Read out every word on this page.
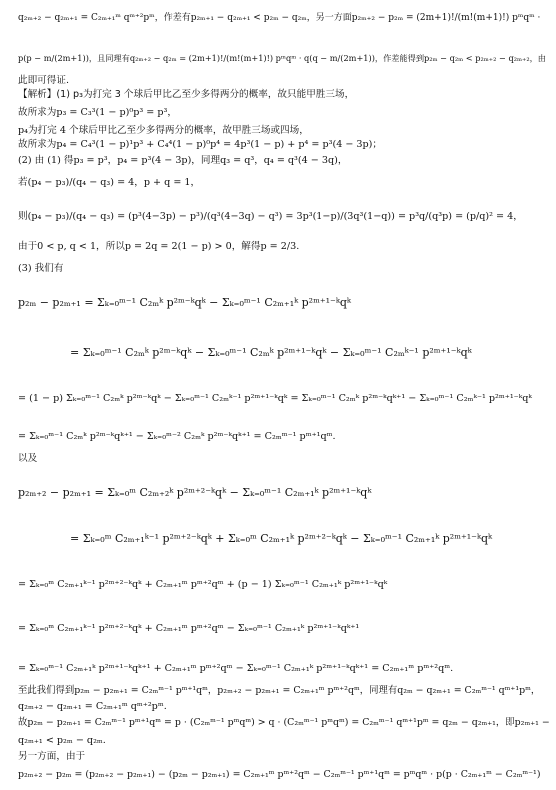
q₂ₘ₊₂ − q₂ₘ₊₁ = C₂ₘ₊₁ᵐ qᵐ⁺²pᵐ，作差有p₂ₘ₊₁ − q₂ₘ₊₁ < p₂ₘ − q₂ₘ，另一方面p₂ₘ₊₂ − p₂ₘ = (2m+1)!/(m!(m+1)!) pᵐqᵐ ·
p(p − m/(2m+1))，且同理有q₂ₘ₊₂ − q₂ₘ = (2m+1)!/(m!(m+1)!) pᵐqᵐ · q(q − m/(2m+1))，作差能得到p₂ₘ − q₂ₘ < p₂ₘ₊₂ − q₂ₘ₊₂，由
此即可得证.
【解析】(1) p₃为打完 3 个球后甲比乙至少多得两分的概率，故只能甲胜三场，
故所求为p₃ = C₃³(1 − p)⁰p³ = p³，
p₄为打完 4 个球后甲比乙至少多得两分的概率，故甲胜三场或四场，
故所求为p₄ = C₄³(1 − p)¹p³ + C₄⁴(1 − p)⁰p⁴ = 4p³(1 − p) + p⁴ = p³(4 − 3p)；
(2) 由 (1) 得p₃ = p³，p₄ = p³(4 − 3p)，同理q₃ = q³，q₄ = q³(4 − 3q)，
若(p₄ − p₃)/(q₄ − q₃) = 4，p + q = 1，
则(p₄ − p₃)/(q₄ − q₃) = (p³(4−3p) − p³)/(q³(4−3q) − q³) = 3p³(1−p)/(3q³(1−q)) = p³q/(q³p) = (p/q)² = 4，
由于0 < p, q < 1，所以p = 2q = 2(1 − p) > 0，解得p = 2/3.
(3) 我们有
p₂ₘ − p₂ₘ₊₁ = Σₖ₌₀ᵐ⁻¹ C₂ₘᵏ p²ᵐ⁻ᵏqᵏ − Σₖ₌₀ᵐ⁻¹ C₂ₘ₊₁ᵏ p²ᵐ⁺¹⁻ᵏqᵏ
= Σₖ₌₀ᵐ⁻¹ C₂ₘᵏ p²ᵐ⁻ᵏqᵏ − Σₖ₌₀ᵐ⁻¹ C₂ₘᵏ p²ᵐ⁺¹⁻ᵏqᵏ − Σₖ₌₀ᵐ⁻¹ C₂ₘᵏ⁻¹ p²ᵐ⁺¹⁻ᵏqᵏ
= (1 − p) Σₖ₌₀ᵐ⁻¹ C₂ₘᵏ p²ᵐ⁻ᵏqᵏ − Σₖ₌₀ᵐ⁻¹ C₂ₘᵏ⁻¹ p²ᵐ⁺¹⁻ᵏqᵏ = Σₖ₌₀ᵐ⁻¹ C₂ₘᵏ p²ᵐ⁻ᵏqᵏ⁺¹ − Σₖ₌₀ᵐ⁻¹ C₂ₘᵏ⁻¹ p²ᵐ⁺¹⁻ᵏqᵏ
= Σₖ₌₀ᵐ⁻¹ C₂ₘᵏ p²ᵐ⁻ᵏqᵏ⁺¹ − Σₖ₌₀ᵐ⁻² C₂ₘᵏ p²ᵐ⁻ᵏqᵏ⁺¹ = C₂ₘᵐ⁻¹ pᵐ⁺¹qᵐ.
以及
p₂ₘ₊₂ − p₂ₘ₊₁ = Σₖ₌₀ᵐ C₂ₘ₊₂ᵏ p²ᵐ⁺²⁻ᵏqᵏ − Σₖ₌₀ᵐ⁻¹ C₂ₘ₊₁ᵏ p²ᵐ⁺¹⁻ᵏqᵏ
= Σₖ₌₀ᵐ C₂ₘ₊₁ᵏ⁻¹ p²ᵐ⁺²⁻ᵏqᵏ + Σₖ₌₀ᵐ C₂ₘ₊₁ᵏ p²ᵐ⁺²⁻ᵏqᵏ − Σₖ₌₀ᵐ⁻¹ C₂ₘ₊₁ᵏ p²ᵐ⁺¹⁻ᵏqᵏ
= Σₖ₌₀ᵐ C₂ₘ₊₁ᵏ⁻¹ p²ᵐ⁺²⁻ᵏqᵏ + C₂ₘ₊₁ᵐ pᵐ⁺²qᵐ + (p − 1) Σₖ₌₀ᵐ⁻¹ C₂ₘ₊₁ᵏ p²ᵐ⁺¹⁻ᵏqᵏ
= Σₖ₌₀ᵐ C₂ₘ₊₁ᵏ⁻¹ p²ᵐ⁺²⁻ᵏqᵏ + C₂ₘ₊₁ᵐ pᵐ⁺²qᵐ − Σₖ₌₀ᵐ⁻¹ C₂ₘ₊₁ᵏ p²ᵐ⁺¹⁻ᵏqᵏ⁺¹
= Σₖ₌₀ᵐ⁻¹ C₂ₘ₊₁ᵏ p²ᵐ⁺¹⁻ᵏqᵏ⁺¹ + C₂ₘ₊₁ᵐ pᵐ⁺²qᵐ − Σₖ₌₀ᵐ⁻¹ C₂ₘ₊₁ᵏ p²ᵐ⁺¹⁻ᵏqᵏ⁺¹ = C₂ₘ₊₁ᵐ pᵐ⁺²qᵐ.
至此我们得到p₂ₘ − p₂ₘ₊₁ = C₂ₘᵐ⁻¹ pᵐ⁺¹qᵐ，p₂ₘ₊₂ − p₂ₘ₊₁ = C₂ₘ₊₁ᵐ pᵐ⁺²qᵐ，同理有q₂ₘ − q₂ₘ₊₁ = C₂ₘᵐ⁻¹ qᵐ⁺¹pᵐ，
q₂ₘ₊₂ − q₂ₘ₊₁ = C₂ₘ₊₁ᵐ qᵐ⁺²pᵐ.
故p₂ₘ − p₂ₘ₊₁ = C₂ₘᵐ⁻¹ pᵐ⁺¹qᵐ = p · (C₂ₘᵐ⁻¹ pᵐqᵐ) > q · (C₂ₘᵐ⁻¹ pᵐqᵐ) = C₂ₘᵐ⁻¹ qᵐ⁺¹pᵐ = q₂ₘ − q₂ₘ₊₁，即p₂ₘ₊₁ −
q₂ₘ₊₁ < p₂ₘ − q₂ₘ.
另一方面，由于
p₂ₘ₊₂ − p₂ₘ = (p₂ₘ₊₂ − p₂ₘ₊₁) − (p₂ₘ − p₂ₘ₊₁) = C₂ₘ₊₁ᵐ pᵐ⁺²qᵐ − C₂ₘᵐ⁻¹ pᵐ⁺¹qᵐ = pᵐqᵐ · p(p · C₂ₘ₊₁ᵐ − C₂ₘᵐ⁻¹)
